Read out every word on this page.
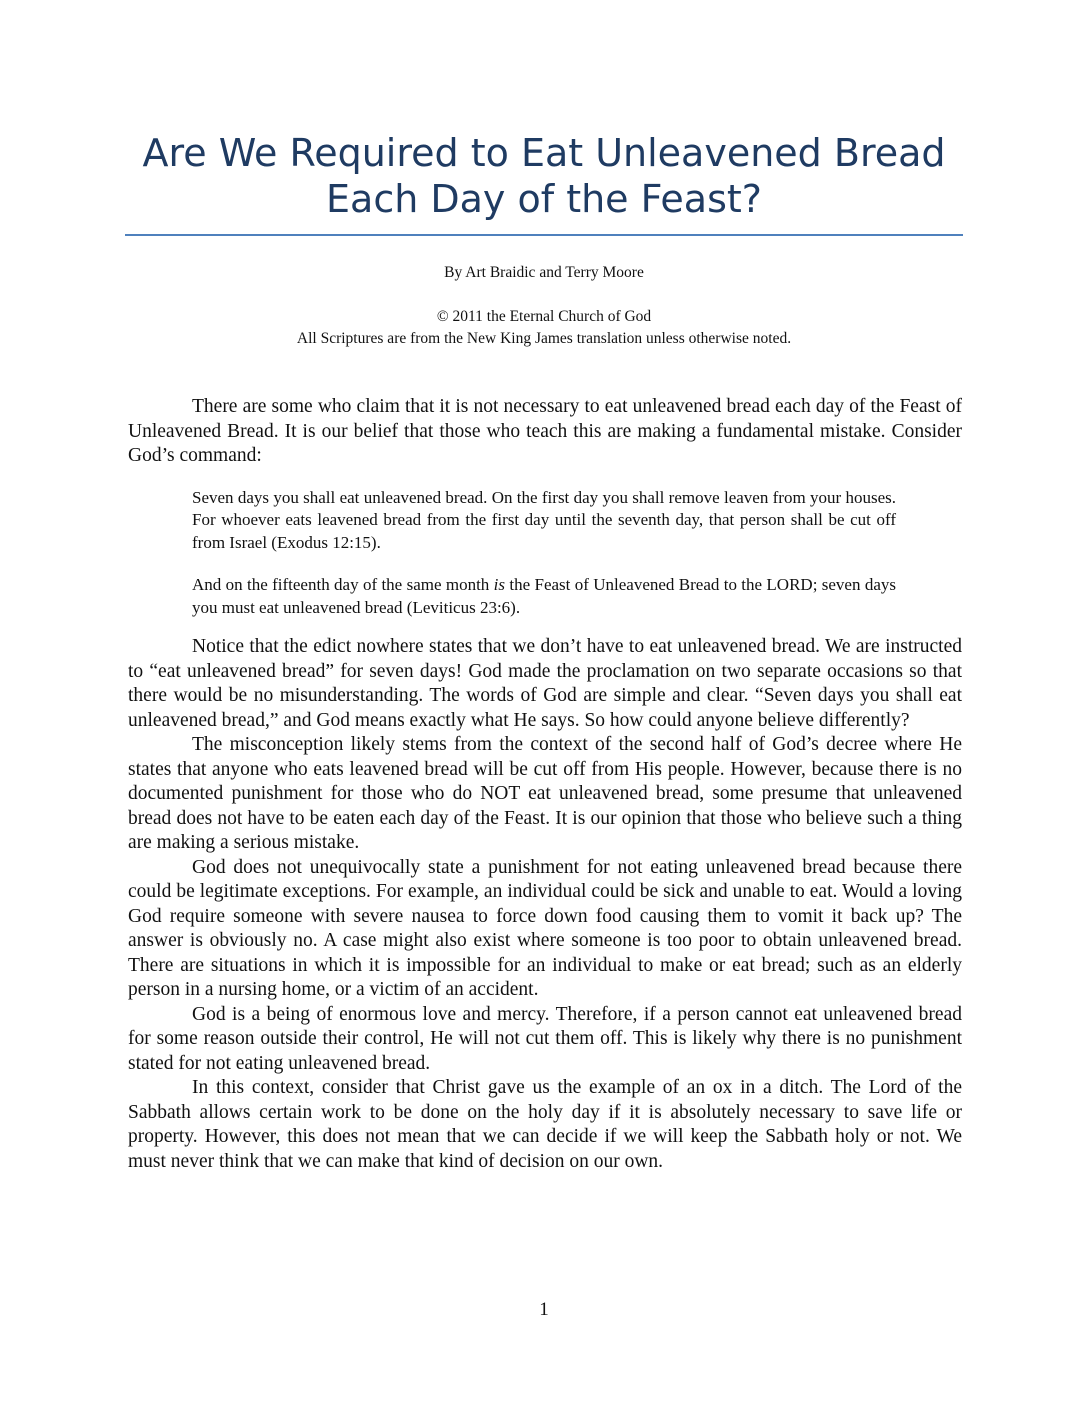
Are We Required to Eat Unleavened Bread
Each Day of the Feast?

By Art Braidic and Terry Moore

© 2011 the Eternal Church of God
All Scriptures are from the New King James translation unless otherwise noted.

There are some who claim that it is not necessary to eat unleavened bread each day of the Feast of Unleavened Bread. It is our belief that those who teach this are making a fundamental mistake. Consider God’s command:

Seven days you shall eat unleavened bread. On the first day you shall remove leaven from your houses. For whoever eats leavened bread from the first day until the seventh day, that person shall be cut off from Israel (Exodus 12:15).

And on the fifteenth day of the same month is the Feast of Unleavened Bread to the LORD; seven days you must eat unleavened bread (Leviticus 23:6).

Notice that the edict nowhere states that we don’t have to eat unleavened bread. We are instructed to “eat unleavened bread” for seven days! God made the proclamation on two separate occasions so that there would be no misunderstanding. The words of God are simple and clear. “Seven days you shall eat unleavened bread,” and God means exactly what He says. So how could anyone believe differently?

The misconception likely stems from the context of the second half of God’s decree where He states that anyone who eats leavened bread will be cut off from His people. However, because there is no documented punishment for those who do NOT eat unleavened bread, some presume that unleavened bread does not have to be eaten each day of the Feast. It is our opinion that those who believe such a thing are making a serious mistake.

God does not unequivocally state a punishment for not eating unleavened bread because there could be legitimate exceptions. For example, an individual could be sick and unable to eat. Would a loving God require someone with severe nausea to force down food causing them to vomit it back up? The answer is obviously no. A case might also exist where someone is too poor to obtain unleavened bread. There are situations in which it is impossible for an individual to make or eat bread; such as an elderly person in a nursing home, or a victim of an accident.

God is a being of enormous love and mercy. Therefore, if a person cannot eat unleavened bread for some reason outside their control, He will not cut them off. This is likely why there is no punishment stated for not eating unleavened bread.

In this context, consider that Christ gave us the example of an ox in a ditch. The Lord of the Sabbath allows certain work to be done on the holy day if it is absolutely necessary to save life or property. However, this does not mean that we can decide if we will keep the Sabbath holy or not. We must never think that we can make that kind of decision on our own.

1
